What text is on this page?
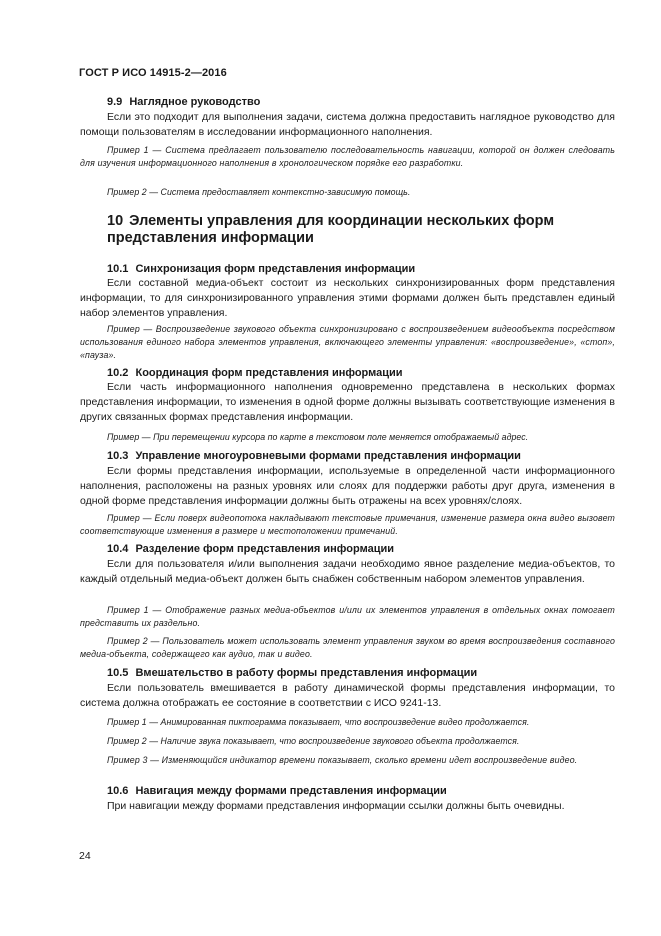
ГОСТ Р ИСО 14915-2—2016
9.9 Наглядное руководство
Если это подходит для выполнения задачи, система должна предоставить наглядное руководство для помощи пользователям в исследовании информационного наполнения.
Пример 1 — Система предлагает пользователю последовательность навигации, которой он должен следовать для изучения информационного наполнения в хронологическом порядке его разработки.
Пример 2 — Система предоставляет контекстно-зависимую помощь.
10 Элементы управления для координации нескольких форм представления информации
10.1 Синхронизация форм представления информации
Если составной медиа-объект состоит из нескольких синхронизированных форм представления информации, то для синхронизированного управления этими формами должен быть представлен единый набор элементов управления.
Пример — Воспроизведение звукового объекта синхронизировано с воспроизведением видеообъекта посредством использования единого набора элементов управления, включающего элементы управления: «воспроизведение», «стоп», «пауза».
10.2 Координация форм представления информации
Если часть информационного наполнения одновременно представлена в нескольких формах представления информации, то изменения в одной форме должны вызывать соответствующие изменения в других связанных формах представления информации.
Пример — При перемещении курсора по карте в текстовом поле меняется отображаемый адрес.
10.3 Управление многоуровневыми формами представления информации
Если формы представления информации, используемые в определенной части информационного наполнения, расположены на разных уровнях или слоях для поддержки работы друг друга, изменения в одной форме представления информации должны быть отражены на всех уровнях/слоях.
Пример — Если поверх видеопотока накладывают текстовые примечания, изменение размера окна видео вызовет соответствующие изменения в размере и местоположении примечаний.
10.4 Разделение форм представления информации
Если для пользователя и/или выполнения задачи необходимо явное разделение медиа-объектов, то каждый отдельный медиа-объект должен быть снабжен собственным набором элементов управления.
Пример 1 — Отображение разных медиа-объектов и/или их элементов управления в отдельных окнах помогает представить их раздельно.
Пример 2 — Пользователь может использовать элемент управления звуком во время воспроизведения составного медиа-объекта, содержащего как аудио, так и видео.
10.5 Вмешательство в работу формы представления информации
Если пользователь вмешивается в работу динамической формы представления информации, то система должна отображать ее состояние в соответствии с ИСО 9241-13.
Пример 1 — Анимированная пиктограмма показывает, что воспроизведение видео продолжается.
Пример 2 — Наличие звука показывает, что воспроизведение звукового объекта продолжается.
Пример 3 — Изменяющийся индикатор времени показывает, сколько времени идет воспроизведение видео.
10.6 Навигация между формами представления информации
При навигации между формами представления информации ссылки должны быть очевидны.
24
